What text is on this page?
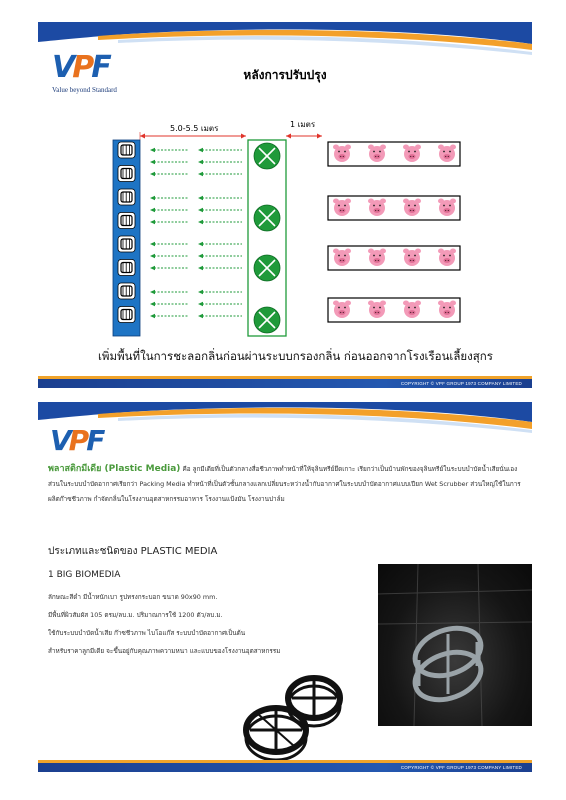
VPF
Value beyond Standard
หลังการปรับปรุง
5.0-5.5 เมตร	1 เมตร
เพิ่มพื้นที่ในการชะลอกลิ่นก่อนผ่านระบบกรองกลิ่น ก่อนออกจากโรงเรือนเลี้ยงสุกร
COPYRIGHT © VPF GROUP 1973 COMPANY LIMITED
VPF
พลาสติกมีเดีย (Plastic Media) คือ ลูกมีเดียที่เป็นตัวกลางสื่อชีวภาพทำหน้าที่ให้จุลินทรีย์ยึดเกาะ เรียกว่าเป็นบ้านพักของจุลินทรีย์ในระบบบำบัดน้ำเสียนั่นเอง ส่วนในระบบบำบัดอากาศเรียกว่า Packing Media ทำหน้าที่เป็นตัวชั้นกลางแลกเปลี่ยนระหว่างน้ำกับอากาศในระบบบำบัดอากาศแบบเปียก Wet Scrubber ส่วนใหญ่ใช้ในการผลิตก๊าซชีวภาพ กำจัดกลิ่นในโรงงานอุตสาหกรรมอาหาร โรงงานแป้งมัน โรงงานปาล์ม
ประเภทและชนิดของ PLASTIC MEDIA
1 BIG BIOMEDIA
ลักษณะสีดำ มีน้ำหนักเบา รูปทรงกระบอก ขนาด 90x90 mm.
มีพื้นที่ผิวสัมผัส 105 ตรม/ลบ.ม. ปริมาณการใช้ 1200 ตัว/ลบ.ม.
ใช้กับระบบบำบัดน้ำเสีย ก๊าซชีวภาพ ไบโอแก๊ส ระบบบำบัดอากาศเป็นต้น
สำหรับราคาลูกมีเดีย จะขึ้นอยู่กับคุณภาพความหนา และแบบของโรงงานอุตสาหกรรม
COPYRIGHT © VPF GROUP 1973 COMPANY LIMITED
